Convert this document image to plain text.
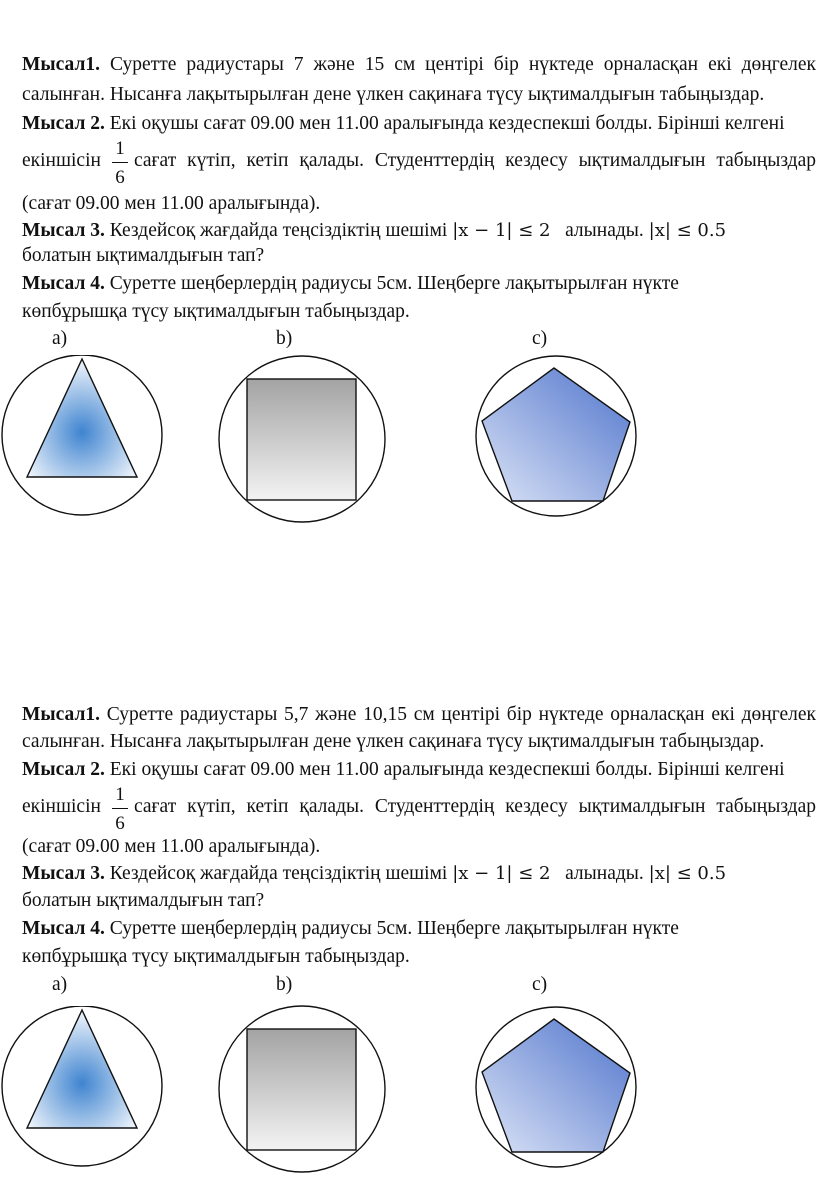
Мысал1. Суретте радиустары 7 және 15 см центірі бір нүктеде орналасқан екі дөңгелек
салынған. Нысанға лақытырылған дене үлкен сақинаға түсу ықтималдығын табыңыздар.
Мысал 2. Екі оқушы сағат 09.00 мен 11.00 аралығында кездеспекші болды. Бірінші келгені
екіншісін
1
6
сағат күтіп, кетіп қалады. Студенттердің кездесу ықтималдығын табыңыздар
(сағат 09.00 мен 11.00 аралығында).
Мысал 3. Кездейсоқ жағдайда теңсіздіктің шешімі |x − 1| ≤ 2 алынады. |x| ≤ 0.5
болатын ықтималдығын тап?
Мысал 4. Суретте шеңберлердің радиусы 5см. Шеңберге лақытырылған нүкте
көпбұрышқа түсу ықтималдығын табыңыздар.
a)	b)	c)
Мысал1. Суретте радиустары 5,7 және 10,15 см центірі бір нүктеде орналасқан екі дөңгелек
салынған. Нысанға лақытырылған дене үлкен сақинаға түсу ықтималдығын табыңыздар.
Мысал 2. Екі оқушы сағат 09.00 мен 11.00 аралығында кездеспекші болды. Бірінші келгені
екіншісін
1
6
сағат күтіп, кетіп қалады. Студенттердің кездесу ықтималдығын табыңыздар
(сағат 09.00 мен 11.00 аралығында).
Мысал 3. Кездейсоқ жағдайда теңсіздіктің шешімі |x − 1| ≤ 2 алынады. |x| ≤ 0.5
болатын ықтималдығын тап?
Мысал 4. Суретте шеңберлердің радиусы 5см. Шеңберге лақытырылған нүкте
көпбұрышқа түсу ықтималдығын табыңыздар.
a)	b)	c)
